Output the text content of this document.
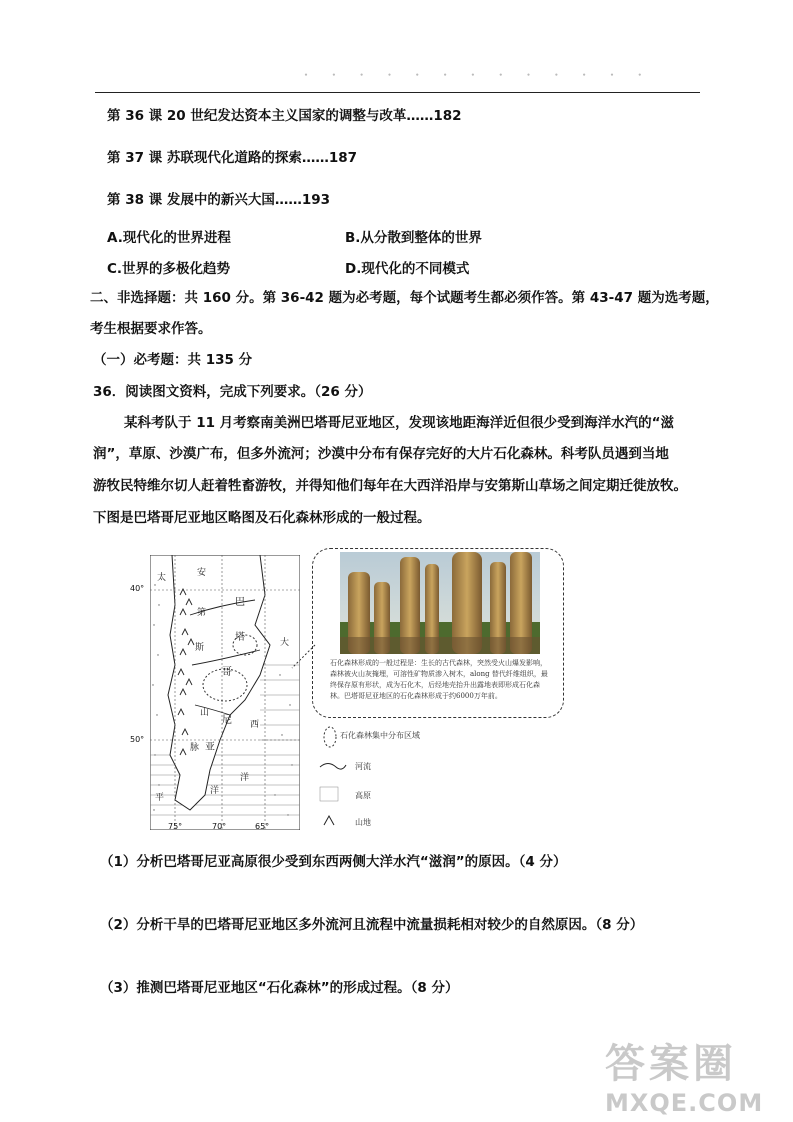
・ ・ ・ ・ ・ ・ ・ ・ ・ ・ ・ ・ ・
第 36 课 20 世纪发达资本主义国家的调整与改革……182
第 37 课 苏联现代化道路的探索……187
第 38 课 发展中的新兴大国……193
A.现代化的世界进程	B.从分散到整体的世界
C.世界的多极化趋势	D.现代化的不同模式
二、非选择题：共 160 分。第 36-42 题为必考题，每个试题考生都必须作答。第 43-47 题为选考题，
考生根据要求作答。
（一）必考题：共 135 分
36．阅读图文资料，完成下列要求。（26 分）
某科考队于 11 月考察南美洲巴塔哥尼亚地区，发现该地距海洋近但很少受到海洋水汽的“滋
润”，草原、沙漠广布，但多外流河；沙漠中分布有保存完好的大片石化森林。科考队员遇到当地
游牧民特维尔切人赶着牲畜游牧，并得知他们每年在大西洋沿岸与安第斯山草场之间定期迁徙放牧。
下图是巴塔哥尼亚地区略图及石化森林形成的一般过程。
太	安
第
斯
山
脉
巴
塔
哥
尼
亚
大
西
洋
平
洋
40°
50°
75°	70°	65°
石化森林形成的一般过程是：生长的古代森林，突然受火山爆发影响，森林被火山灰掩埋，可溶性矿物质渗入树木，along 替代纤维组织，最终保存原有形状，成为石化木，后经地壳抬升出露地表即形成石化森林。巴塔哥尼亚地区的石化森林形成于约6000万年前。
石化森林集中分布区域
河流
高原
山地
（1）分析巴塔哥尼亚高原很少受到东西两侧大洋水汽“滋润”的原因。（4 分）
（2）分析干旱的巴塔哥尼亚地区多外流河且流程中流量损耗相对较少的自然原因。（8 分）
（3）推测巴塔哥尼亚地区“石化森林”的形成过程。（8 分）
答案圈
MXQE.COM
